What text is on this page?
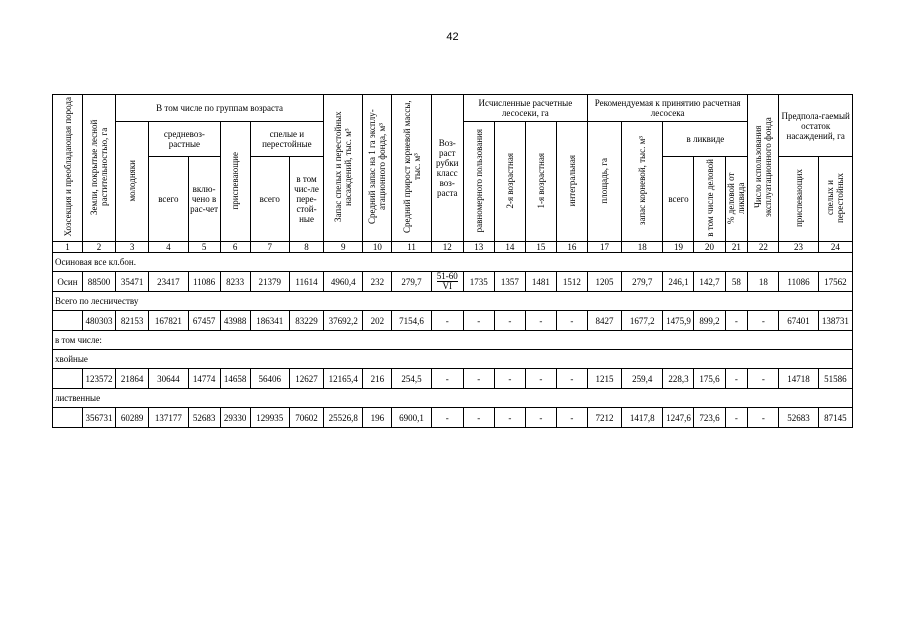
42
Хозсекция и преобладающая порода	Земли, покрытые лесной растительностью, га	В том числе по группам возраста						Запас спелых и перестойных насаждений, тыс. м³	Средний запас на 1 га эксплу-атационного фонда, м³	Средний прирост корневой массы, тыс. м³	Воз-раст рубки класс воз-раста	Исчисленные расчетные лесосеки, га				Рекомендуемая к принятию расчетная лесосека					Число использования эксплуатационного фонда	Предпола-гаемый остаток насаждений, га	
		молодняки	средневоз-растные		приспевающие	спелые и перестойные						равномерного пользования	2-я возрастная	1-я возрастная	интегральная	площадь, га	запас корневой, тыс. м³	в ликвиде					
			всего	вклю-чено в рас-чет		всего	в том чис-ле пере-стой-ные											всего	в том числе деловой	% деловой от ликвида		приспевающих	спелых и перестойных
1	2	3	4	5	6	7	8	9	10	11	12	13	14	15	16	17	18	19	20	21	22	23	24
Осиновая все кл.бон.																							
Осин	88500	35471	23417	11086	8233	21379	11614	4960,4	232	279,7	$\frac{51-60}{VI}$	1735	1357	1481	1512	1205	279,7	246,1	142,7	58	18	11086	17562
Всего по лесничеству																							
	480303	82153	167821	67457	43988	186341	83229	37692,2	202	7154,6	-	-	-	-	-	8427	1677,2	1475,9	899,2	-	-	67401	138731
в том числе:																							
хвойные																							
	123572	21864	30644	14774	14658	56406	12627	12165,4	216	254,5	-	-	-	-	-	1215	259,4	228,3	175,6	-	-	14718	51586
лиственные																							
	356731	60289	137177	52683	29330	129935	70602	25526,8	196	6900,1	-	-	-	-	-	7212	1417,8	1247,6	723,6	-	-	52683	87145
